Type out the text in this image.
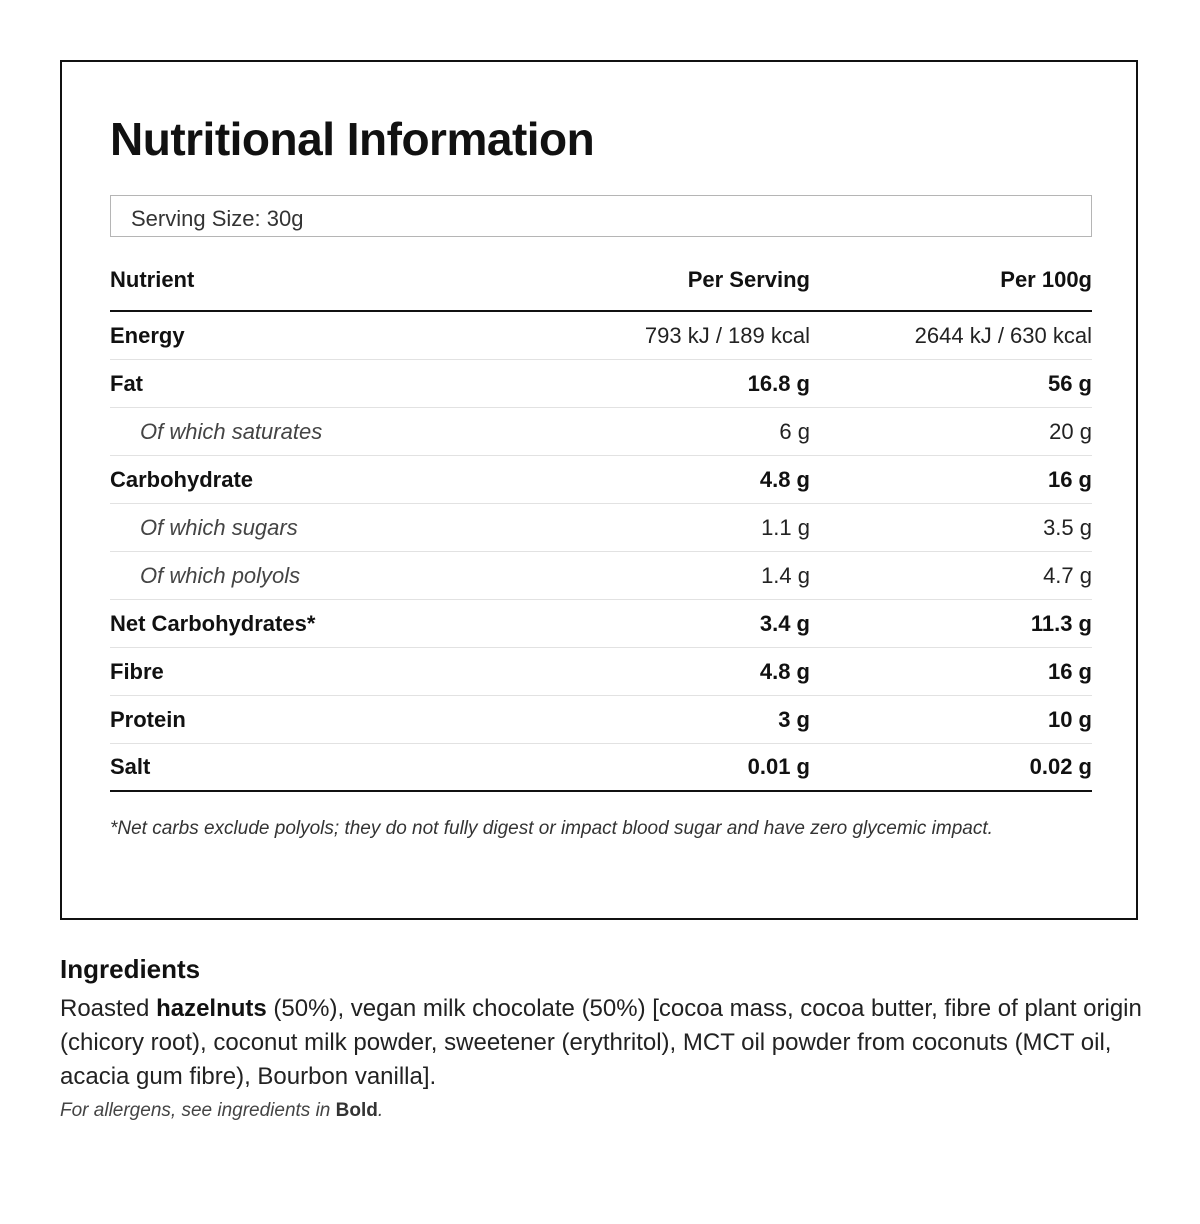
Nutritional Information
Serving Size: 30g
Nutrient	Per Serving	Per 100g
Energy	793 kJ / 189 kcal	2644 kJ / 630 kcal
Fat	16.8 g	56 g
Of which saturates	6 g	20 g
Carbohydrate	4.8 g	16 g
Of which sugars	1.1 g	3.5 g
Of which polyols	1.4 g	4.7 g
Net Carbohydrates*	3.4 g	11.3 g
Fibre	4.8 g	16 g
Protein	3 g	10 g
Salt	0.01 g	0.02 g
*Net carbs exclude polyols; they do not fully digest or impact blood sugar and have zero glycemic impact.
Ingredients

Roasted hazelnuts (50%), vegan milk chocolate (50%) [cocoa mass, cocoa butter, fibre of plant origin (chicory root), coconut milk powder, sweetener (erythritol), MCT oil powder from coconuts (MCT oil, acacia gum fibre), Bourbon vanilla].

For allergens, see ingredients in Bold.
